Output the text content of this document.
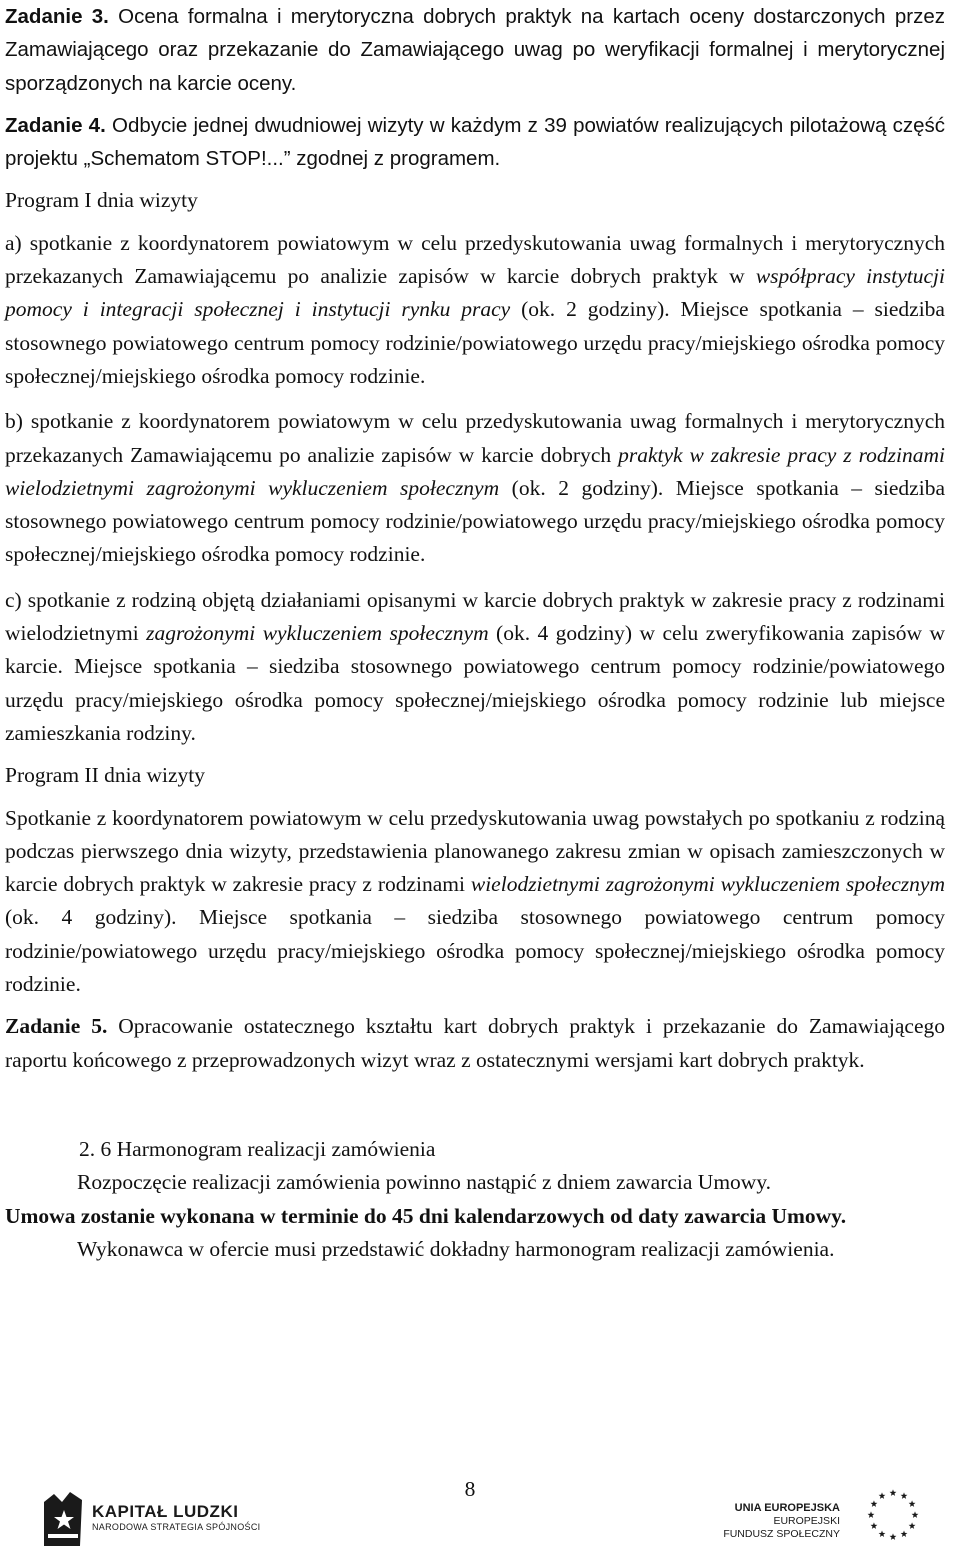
Zadanie 3. Ocena formalna i merytoryczna dobrych praktyk na kartach oceny dostarczonych przez Zamawiającego oraz przekazanie do Zamawiającego uwag po weryfikacji formalnej i merytorycznej sporządzonych na karcie oceny.

Zadanie 4. Odbycie jednej dwudniowej wizyty w każdym z 39 powiatów realizujących pilotażową część projektu „Schematom STOP!...” zgodnej z programem.

Program I dnia wizyty

a) spotkanie z koordynatorem powiatowym w celu przedyskutowania uwag formalnych i merytorycznych przekazanych Zamawiającemu po analizie zapisów w karcie dobrych praktyk w współpracy instytucji pomocy i integracji społecznej i instytucji rynku pracy (ok. 2 godziny). Miejsce spotkania – siedziba stosownego powiatowego centrum pomocy rodzinie/powiatowego urzędu pracy/miejskiego ośrodka pomocy społecznej/miejskiego ośrodka pomocy rodzinie.

b) spotkanie z koordynatorem powiatowym w celu przedyskutowania uwag formalnych i merytorycznych przekazanych Zamawiającemu po analizie zapisów w karcie dobrych praktyk w zakresie pracy z rodzinami wielodzietnymi zagrożonymi wykluczeniem społecznym (ok. 2 godziny). Miejsce spotkania – siedziba stosownego powiatowego centrum pomocy rodzinie/powiatowego urzędu pracy/miejskiego ośrodka pomocy społecznej/miejskiego ośrodka pomocy rodzinie.

c) spotkanie z rodziną objętą działaniami opisanymi w karcie dobrych praktyk w zakresie pracy z rodzinami wielodzietnymi zagrożonymi wykluczeniem społecznym (ok. 4 godziny) w celu zweryfikowania zapisów w karcie. Miejsce spotkania – siedziba stosownego powiatowego centrum pomocy rodzinie/powiatowego urzędu pracy/miejskiego ośrodka pomocy społecznej/miejskiego ośrodka pomocy rodzinie lub miejsce zamieszkania rodziny.

Program II dnia wizyty

Spotkanie z koordynatorem powiatowym w celu przedyskutowania uwag powstałych po spotkaniu z rodziną podczas pierwszego dnia wizyty, przedstawienia planowanego zakresu zmian w opisach zamieszczonych w karcie dobrych praktyk w zakresie pracy z rodzinami wielodzietnymi zagrożonymi wykluczeniem społecznym (ok. 4 godziny). Miejsce spotkania – siedziba stosownego powiatowego centrum pomocy rodzinie/powiatowego urzędu pracy/miejskiego ośrodka pomocy społecznej/miejskiego ośrodka pomocy rodzinie.

Zadanie 5. Opracowanie ostatecznego kształtu kart dobrych praktyk i przekazanie do Zamawiającego raportu końcowego z przeprowadzonych wizyt wraz z ostatecznymi wersjami kart dobrych praktyk.

2. 6 Harmonogram realizacji zamówienia

Rozpoczęcie realizacji zamówienia powinno nastąpić z dniem zawarcia Umowy.

Umowa zostanie wykonana w terminie do 45 dni kalendarzowych od daty zawarcia Umowy.

Wykonawca w ofercie musi przedstawić dokładny harmonogram realizacji zamówienia.

8
KAPITAŁ LUDZKI
NARODOWA STRATEGIA SPÓJNOŚCI
UNIA EUROPEJSKA
EUROPEJSKI
FUNDUSZ SPOŁECZNY
